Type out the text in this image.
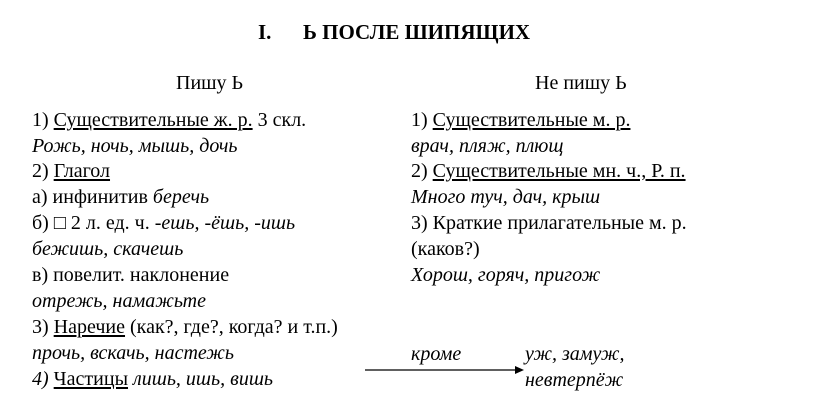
I. Ь ПОСЛЕ ШИПЯЩИХ
Пишу Ь	Не пишу Ь
1) Существительные ж. р. 3 скл.
Рожь, ночь, мышь, дочь
2) Глагол
а) инфинитив беречь
б) □ 2 л. ед. ч. -ешь, -ёшь, -ишь
бежишь, скачешь
в) повелит. наклонение
отрежь, намажьте
3) Наречие (как?, где?, когда? и т.п.)
прочь, вскачь, настежь
4) Частицы лишь, ишь, вишь
1) Существительные м. р.
врач, пляж, плющ
2) Существительные мн. ч., Р. п.
Много туч, дач, крыш
3) Краткие прилагательные м. р.
(каков?)
Хорош, горяч, пригож
кроме	уж, замуж,
невтерпёж
